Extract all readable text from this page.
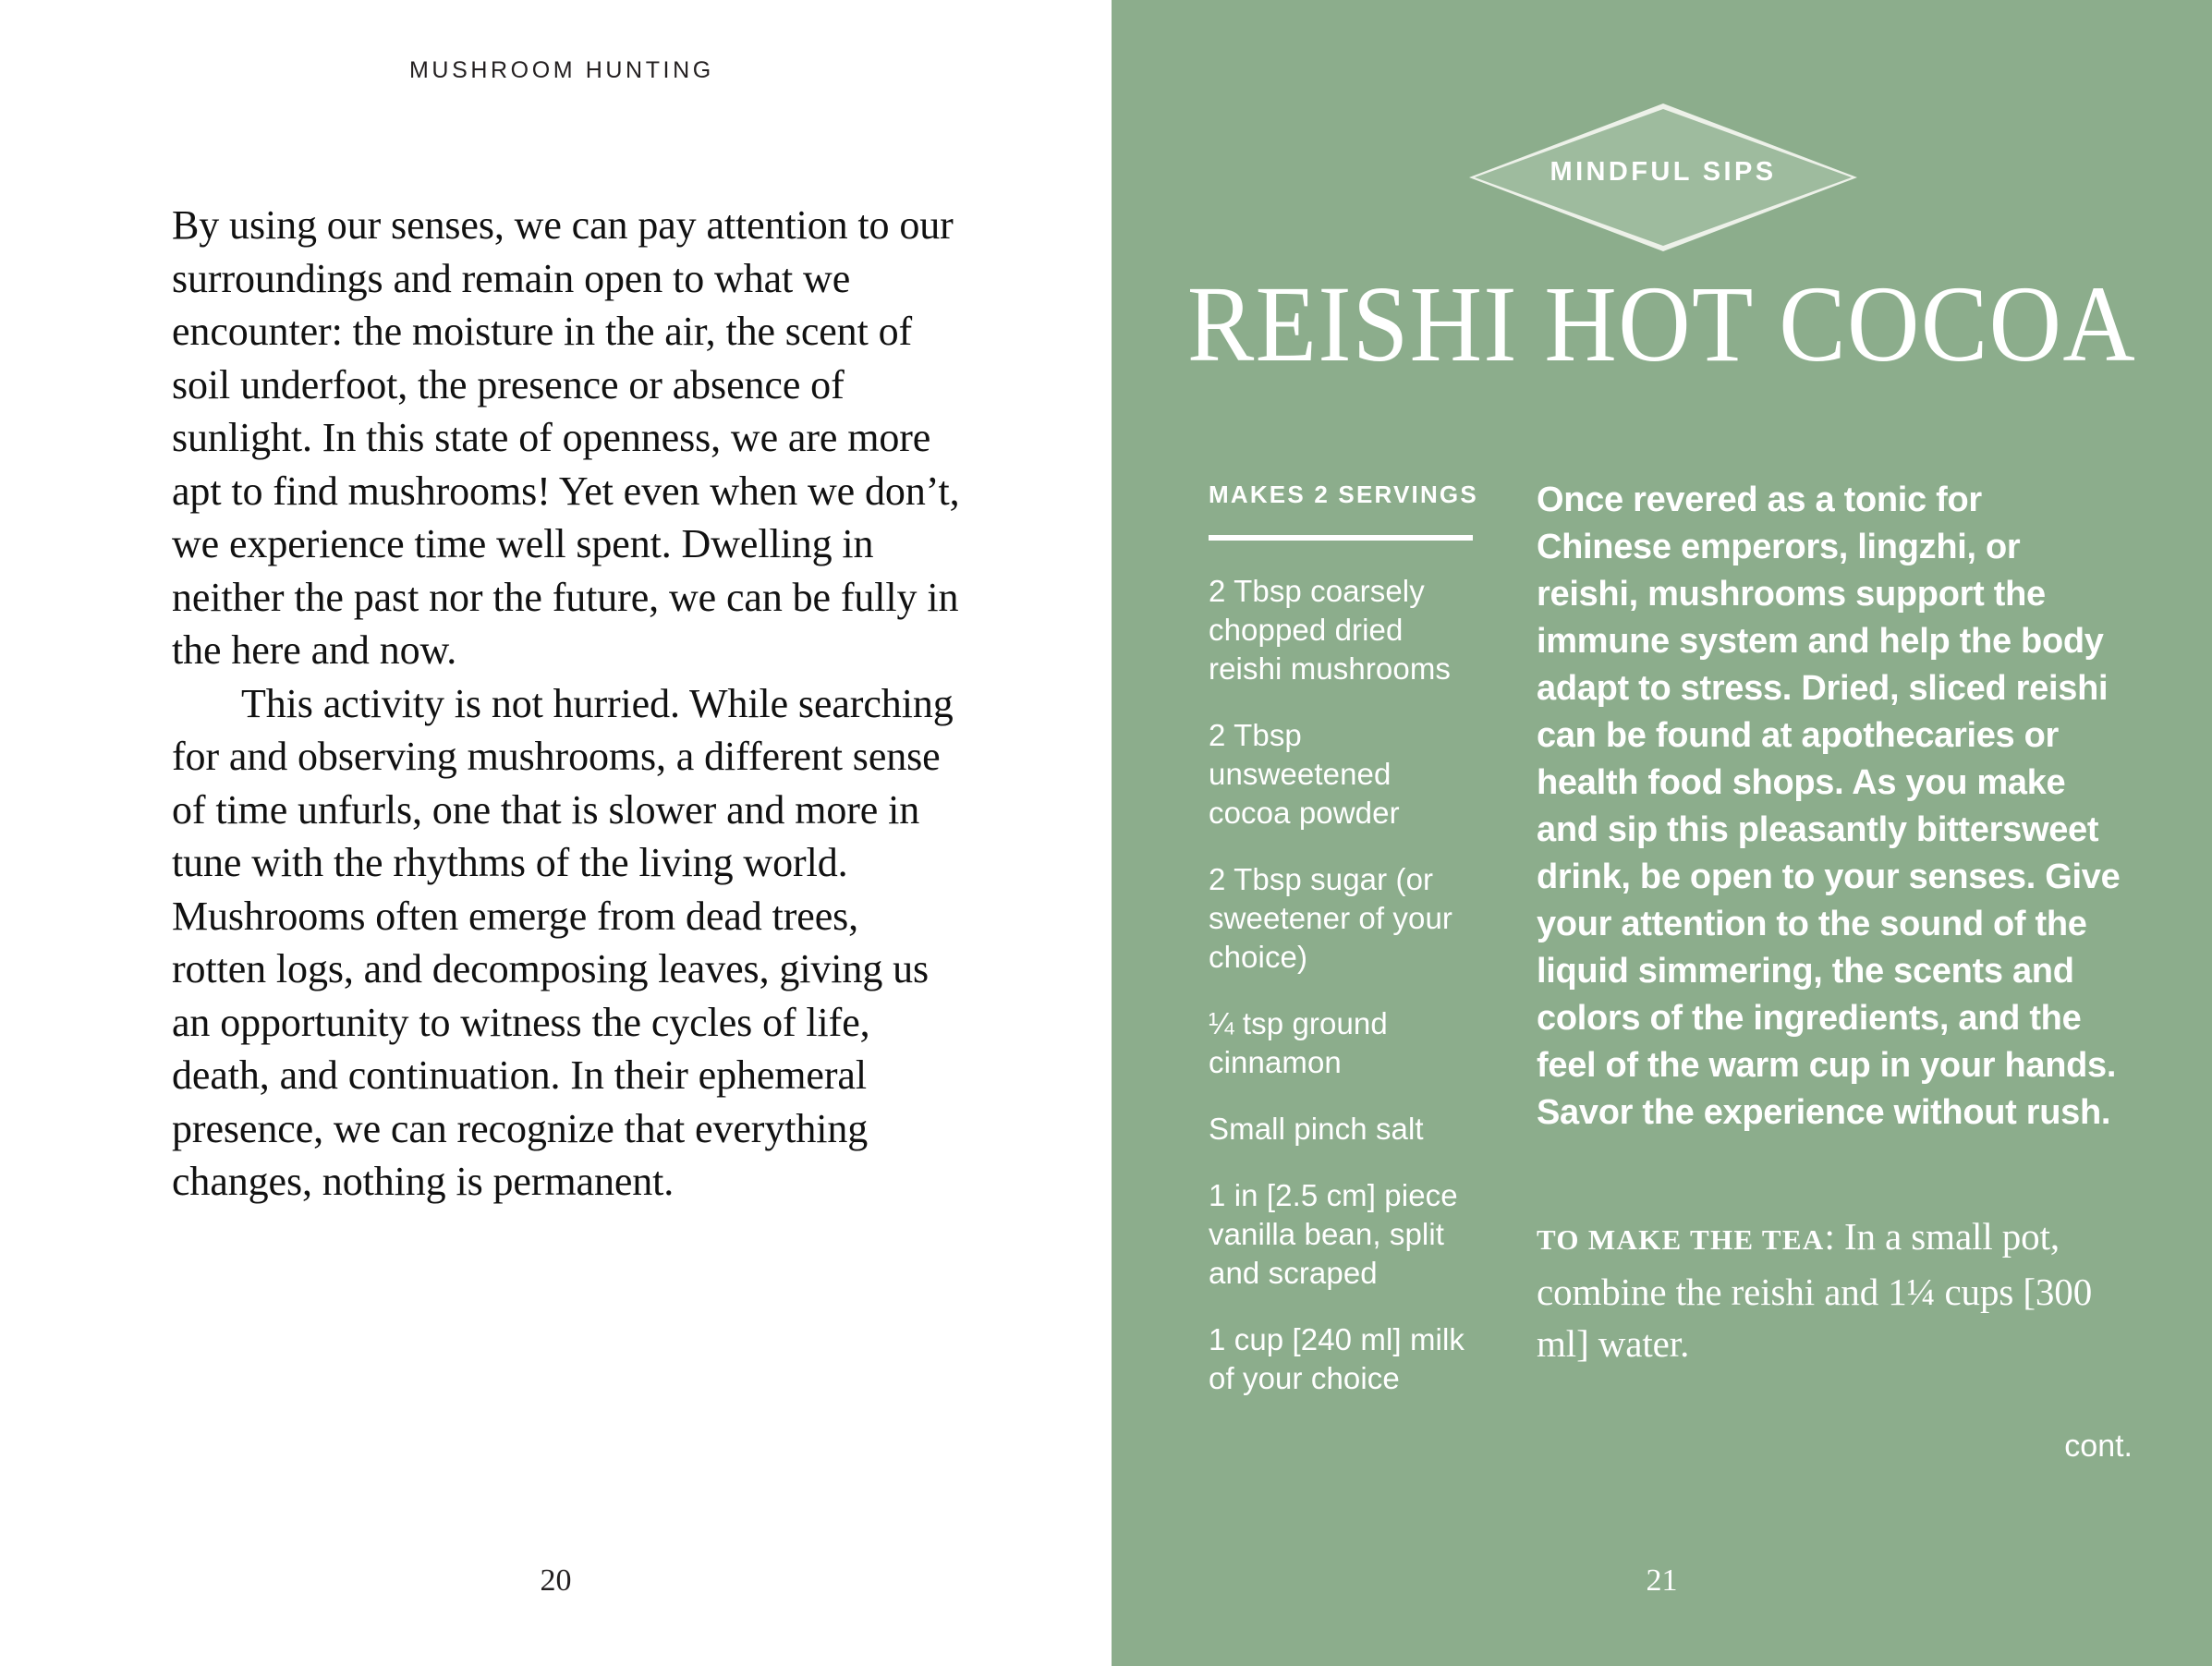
MUSHROOM HUNTING

By using our senses, we can pay attention to our surroundings and remain open to what we encounter: the moisture in the air, the scent of soil underfoot, the presence or absence of sunlight. In this state of openness, we are more apt to find mushrooms! Yet even when we don’t, we experience time well spent. Dwelling in neither the past nor the future, we can be fully in the here and now.

This activity is not hurried. While searching for and observing mushrooms, a different sense of time unfurls, one that is slower and more in tune with the rhythms of the living world. Mushrooms often emerge from dead trees, rotten logs, and decomposing leaves, giving us an opportunity to witness the cycles of life, death, and continuation. In their ephemeral presence, we can recognize that everything changes, nothing is permanent.

20
MINDFUL SIPS
REISHI HOT COCOA
MAKES 2 SERVINGS
2 Tbsp coarsely chopped dried reishi mushrooms
2 Tbsp unsweetened cocoa powder
2 Tbsp sugar (or sweetener of your choice)
¼ tsp ground cinnamon
Small pinch salt
1 in [2.5 cm] piece vanilla bean, split and scraped
1 cup [240 ml] milk of your choice

Once revered as a tonic for Chinese emperors, lingzhi, or reishi, mushrooms support the immune system and help the body adapt to stress. Dried, sliced reishi can be found at apothecaries or health food shops. As you make and sip this pleasantly bittersweet drink, be open to your senses. Give your attention to the sound of the liquid simmering, the scents and colors of the ingredients, and the feel of the warm cup in your hands. Savor the experience without rush.

TO MAKE THE TEA: In a small pot, combine the reishi and 1¼ cups [300 ml] water.
cont.
21
